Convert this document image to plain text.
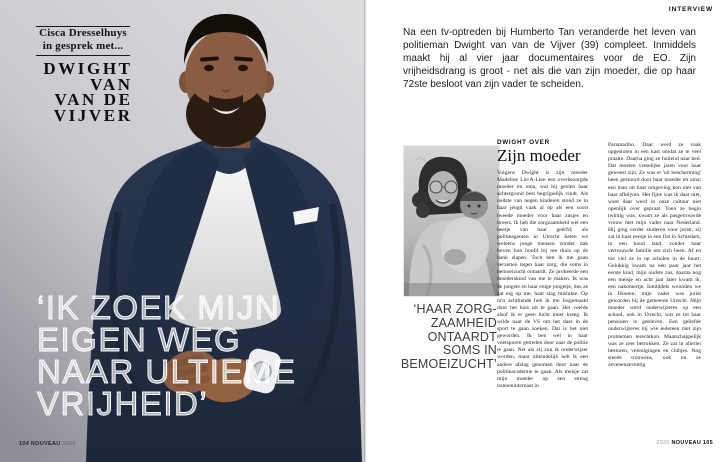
Cisca Dresselhuys
in gesprek met...
DWIGHT
VAN
VAN DE
VIJVER
‘IK ZOEK MIJN
EIGEN WEG
NAAR ULTIEME
VRIJHEID’
104 NOUVEAU 2020
INTERVIEW

Na een tv-optreden bij Humberto Tan veranderde het leven van politieman Dwight van van de Vijver (39) compleet. Inmiddels maakt hij al vier jaar documentaires voor de EO. Zijn vrijheidsdrang is groot - net als die van zijn moeder, die op haar 72ste besloot van zijn vader te scheiden.

‘HAAR ZORG-
ZAAMHEID
ONTAARDT
SOMS IN
BEMOEIZUCHT’
DWIGHT OVER
Zijn moeder

Volgens Dwight is zijn moeder Madeline Lie-A-Lien een overbezorgde moeder en oma, wat hij gezien haar achtergrond best begrijpelijk vindt. Als oudste van negen kinderen stond ze in haar jeugd vaak al op als een soort tweede moeder voor haar zusjes en broers. Ik heb die zorgzaamheid wel een beetje van haar geërfd; als politieagenten in Utrecht lieten we weleens jonge mensen zonder dak boven hun hoofd bij me thuis op de bank slapen. Toch ben ik me gaan verzetten tegen haar zorg, die soms in bemoeizucht ontaardt. Ze probeerde een moederskind van me te maken. Ik was de jongste en haar enige jongetje, dus ze zat erg op me; haar slag mislukte. Op m'n achttiende heb ik me losgemaakt door het huis uit te gaan. Het voelde alsof ik er geen lucht meer kreeg. Ik wilde naar de VS om het daar in de sport te gaan zoeken. Dat is het niet geworden. Ik ben wel in haar voetsporen getreden door naar de politie te gaan. Net als zij zou ik onderwijzer worden, maar uiteindelijk heb ik een andere afslag genomen door naar de politieacademie te gaan. Als meisje zat mijn moeder op een streng nonneninternaat in

Paramaribo. Daar werd ze vaak opgesloten in een kast omdat ze te veel praatte. Daarna ging ze huilend naar bed. Dat moeten vreselijke jaren voor haar geweest zijn. Ze was er 'uit bescherming' heen gestuurd door haar moeder en oma; een man uit haar omgeving kon niet van haar afblijven. Het fijne was ik daar niet, want daar werd in onze cultuur niet openlijk over gepraat. Toen ze begin twintig was, kwam ze als pasgetrouwde vrouw met mijn vader naar Nederland. Hij ging verder studeren voor jurist, zij zat in haar eentje in een flat in Schiedam, in een koud land, zonder haar vertrouwde familie om zich heen. Af en toe viel ze in op scholen in de buurt. Gelukkig kwam na een paar jaar het eerste kind, mijn oudste zus, daarna nog een meisje en acht jaar later kwam ik, een nakomertje. Inmiddels woonden we in Houten; mijn vader was jurist geworden bij de gemeente Utrecht. Mijn moeder werd onderwijzeres op een school, ook in Utrecht, wat ze tot haar pensioen is gebleven. Een geliefde onderwijzeres bij wie iedereen met zijn problemen terechtkon. Maatschappelijk was ze zeer betrokken. Ze zat in allerlei besturen, verenigingen en clubjes. Nog steeds trouwens, ook nu ze zevenenzeventig

2020 NOUVEAU 105
